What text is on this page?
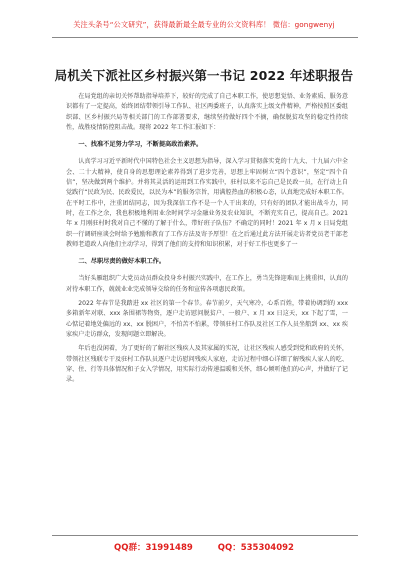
关注头条号“公文研究”，获得最新最全最专业的公文资料库！ 微信：gongwenyj
局机关下派社区乡村振兴第一书记 2022 年述职报告

在局党组的亲切关怀帮助指导培养下，较好的完成了自己本职工作，使思想觉悟、业务素质、服务意识都有了一定提高，始终团结带领引导工作队、社区两委班子，认真落实上级文件精神，严格按照区委组织部、区乡村振兴局等相关部门的工作部署要求，继续坚持做好四个不摘，确保脱贫攻坚的稳定性持续性，战胜疫情防控阻击战。现将 2022 年工作汇报如下：

一、找准不足努力学习，不断提高政治素养。

认真学习习近平新时代中国特色社会主义思想为指导，深入学习贯彻落实党的十九大、十九届六中全会、二十大精神，使自身的思想理论素养得到了进步完善，思想上牢固树立“四个意识”，坚定“四个自信”，坚决做到两个维护。并将其灵活的运用到工作实践中，驻村以来不忘自己是民政一员，在行动上自觉践行“民政为民、民政爱民，以民为本”的服务宗旨，用满腔热血的积极心态，认真地完成好本职工作。在平时工作中，注重团结同志，因为我深信工作不是一个人干出来的，只有好的团队才能出战斗力，同时，在工作之余，我也积极地利用业余时间学习金融业务及农业知识，不断充实自己，提高自己。2021 年 x 月刚驻村时我对自己不懂的了解于什么，带好班子队伍？不确定的同时！2021 年 x 月 x 日局党组织一行调研座谈会时给予勉励和教育了工作方法及寄予厚望！在之后通过此方法开展走访者党员老干部老教师老道政人向他们主动学习，得到了他们的支持和知识积累，对于好工作也更多了一

二、尽职尽责的做好本职工作。

当好头雁组织广大党员动员群众投身乡村振兴实践中，在工作上，勇当先锋迎难而上挑重担，认真的对待本职工作，兢兢业业完成领导交给的任务和宣传各项惠民政策。

2022 年春节是我踏进 xx 社区的第一个春节。春节前夕，天气寒冷，心系百姓，带着协调到的 xxx 多箱新年对联、xxx 条围裙等物资，逐户走访慰问脱贫户、一般户、x 月 xx 日这天，xx 下起了雪，一心惦记着地处偏远的 xx、xx 脱困户，不怕苦不怕累，带领驻村工作队及社区工作人员坐船到 xx、xx 疾家疾户走访群众，发现问题立即解决。

年后也没闲着，为了更好的了解社区残疾人及其家属的实况，让社区残疾人感受到党和政府的关怀，带领社区残联专干及驻村工作队员逐户走访慰问残疾人家庭，走访过程中细心详细了解残疾人家人的吃、穿、住、行等具体情况和子女入学情况，用实际行动传递温暖和关怀，细心倾听他们的心声，并做好了记录。

QQ群：31991489	QQ：535304092
